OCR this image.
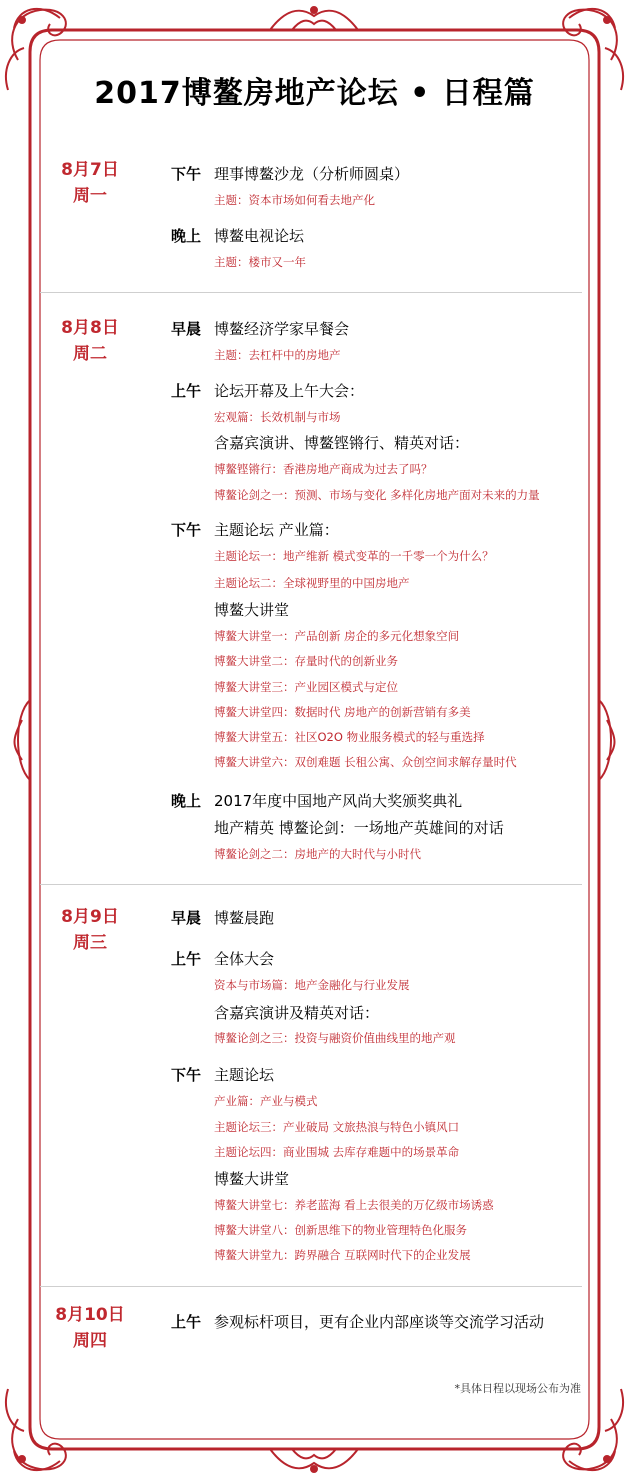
2017博鳌房地产论坛 • 日程篇
8月7日
周一
下午 理事博鳌沙龙（分析师圆桌）
主题：资本市场如何看去地产化
晚上 博鳌电视论坛
主题：楼市又一年
8月8日
周二
早晨 博鳌经济学家早餐会
主题：去杠杆中的房地产
上午 论坛开幕及上午大会：
宏观篇：长效机制与市场
含嘉宾演讲、博鳌铿锵行、精英对话：
博鳌铿锵行：香港房地产商成为过去了吗？
博鳌论剑之一：预测、市场与变化 多样化房地产面对未来的力量
下午 主题论坛 产业篇：
主题论坛一：地产维新 模式变革的一千零一个为什么？
主题论坛二：全球视野里的中国房地产
博鳌大讲堂
博鳌大讲堂一：产品创新 房企的多元化想象空间
博鳌大讲堂二：存量时代的创新业务
博鳌大讲堂三：产业园区模式与定位
博鳌大讲堂四：数据时代 房地产的创新营销有多美
博鳌大讲堂五：社区O2O 物业服务模式的轻与重选择
博鳌大讲堂六：双创难题 长租公寓、众创空间求解存量时代
晚上 2017年度中国地产风尚大奖颁奖典礼
地产精英 博鳌论剑：一场地产英雄间的对话
博鳌论剑之二：房地产的大时代与小时代
8月9日
周三
早晨 博鳌晨跑
上午 全体大会
资本与市场篇：地产金融化与行业发展
含嘉宾演讲及精英对话：
博鳌论剑之三：投资与融资价值曲线里的地产观
下午 主题论坛
产业篇：产业与模式
主题论坛三：产业破局 文旅热浪与特色小镇风口
主题论坛四：商业围城 去库存难题中的场景革命
博鳌大讲堂
博鳌大讲堂七：养老蓝海 看上去很美的万亿级市场诱惑
博鳌大讲堂八：创新思维下的物业管理特色化服务
博鳌大讲堂九：跨界融合 互联网时代下的企业发展
8月10日
周四
上午 参观标杆项目，更有企业内部座谈等交流学习活动
*具体日程以现场公布为准
